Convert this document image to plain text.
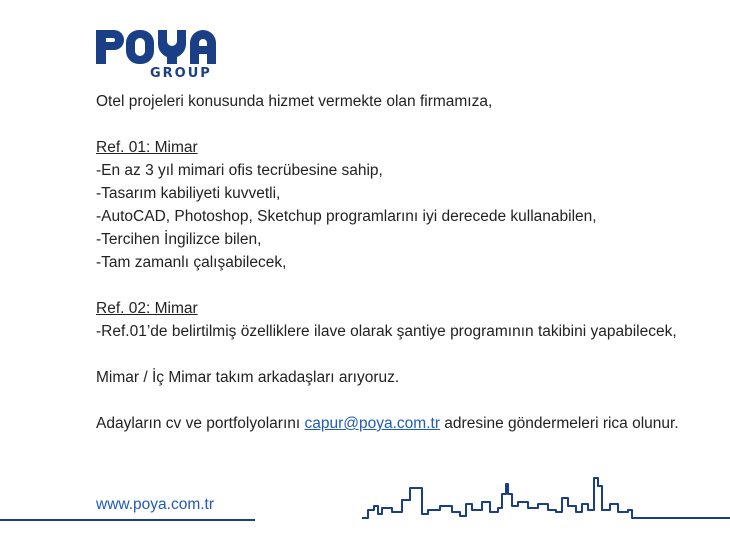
GROUP

Otel projeleri konusunda hizmet vermekte olan firmamıza,

Ref. 01: Mimar

-En az 3 yıl mimari ofis tecrübesine sahip,

-Tasarım kabiliyeti kuvvetli,

-AutoCAD, Photoshop, Sketchup programlarını iyi derecede kullanabilen,

-Tercihen İngilizce bilen,

-Tam zamanlı çalışabilecek,

Ref. 02: Mimar

-Ref.01’de belirtilmiş özelliklere ilave olarak şantiye programının takibini yapabilecek,

Mimar / İç Mimar takım arkadaşları arıyoruz.

Adayların cv ve portfolyolarını capur@poya.com.tr adresine göndermeleri rica olunur.

www.poya.com.tr
